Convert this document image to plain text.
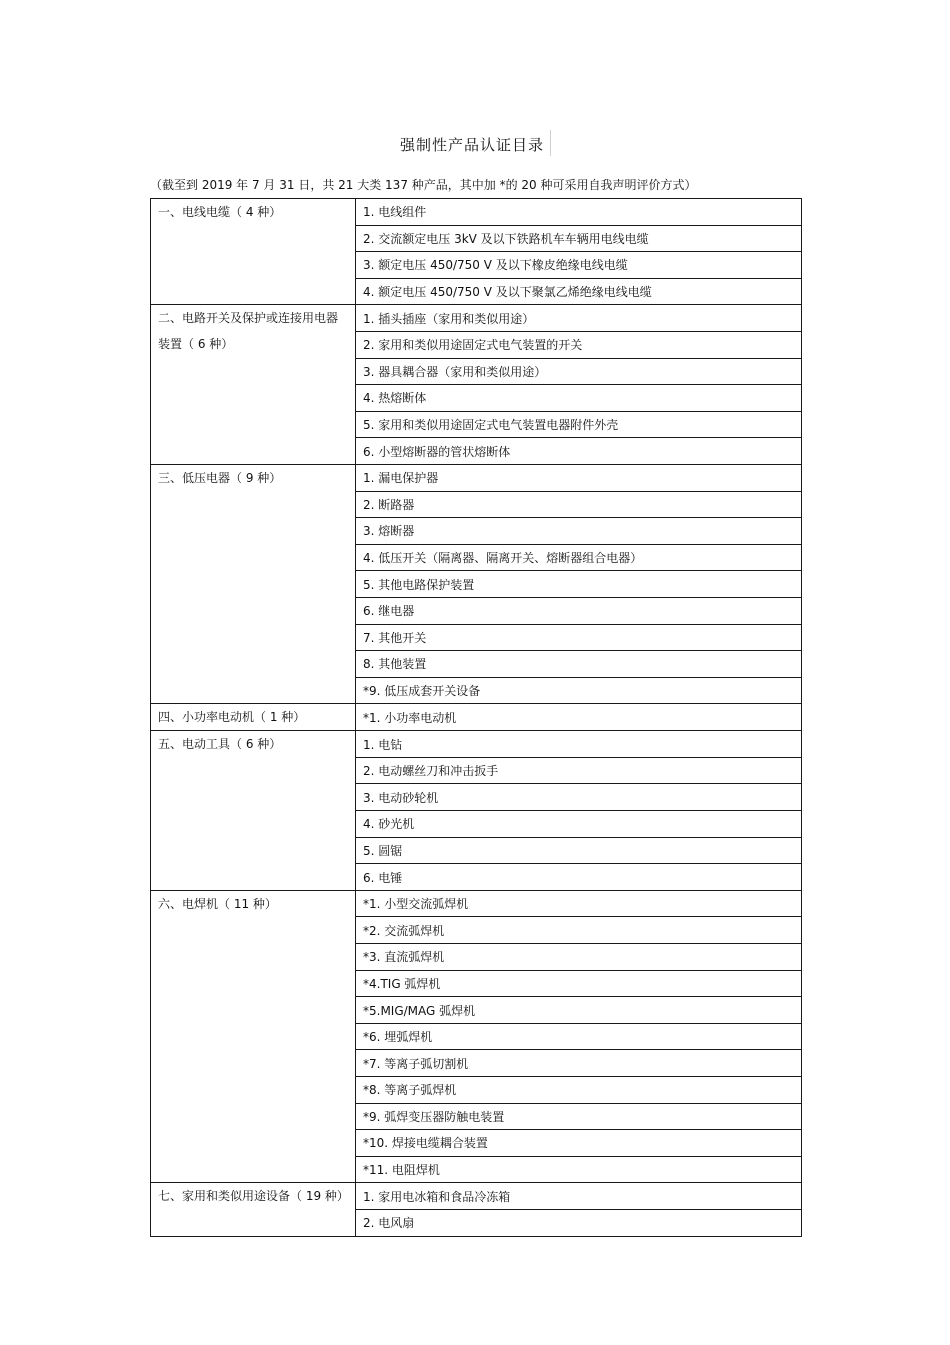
强制性产品认证目录
（截至到 2019 年 7 月 31 日，共 21 大类 137 种产品，其中加 *的 20 种可采用自我声明评价方式）
一、电线电缆（ 4 种）	1. 电线组件
	2. 交流额定电压 3kV 及以下铁路机车车辆用电线电缆
	3. 额定电压 450/750 V 及以下橡皮绝缘电线电缆
	4. 额定电压 450/750 V 及以下聚氯乙烯绝缘电线电缆
二、电路开关及保护或连接用电器装置（ 6 种）	1. 插头插座（家用和类似用途）
	2. 家用和类似用途固定式电气装置的开关
	3. 器具耦合器（家用和类似用途）
	4. 热熔断体
	5. 家用和类似用途固定式电气装置电器附件外壳
	6. 小型熔断器的管状熔断体
三、低压电器（ 9 种）	1. 漏电保护器
	2. 断路器
	3. 熔断器
	4. 低压开关（隔离器、隔离开关、熔断器组合电器）
	5. 其他电路保护装置
	6. 继电器
	7. 其他开关
	8. 其他装置
	*9. 低压成套开关设备
四、小功率电动机（ 1 种）	*1. 小功率电动机
五、电动工具（ 6 种）	1. 电钻
	2. 电动螺丝刀和冲击扳手
	3. 电动砂轮机
	4. 砂光机
	5. 圆锯
	6. 电锤
六、电焊机（ 11 种）	*1. 小型交流弧焊机
	*2. 交流弧焊机
	*3. 直流弧焊机
	*4.TIG 弧焊机
	*5.MIG/MAG 弧焊机
	*6. 埋弧焊机
	*7. 等离子弧切割机
	*8. 等离子弧焊机
	*9. 弧焊变压器防触电装置
	*10. 焊接电缆耦合装置
	*11. 电阻焊机
七、家用和类似用途设备（ 19 种）	1. 家用电冰箱和食品冷冻箱
	2. 电风扇
